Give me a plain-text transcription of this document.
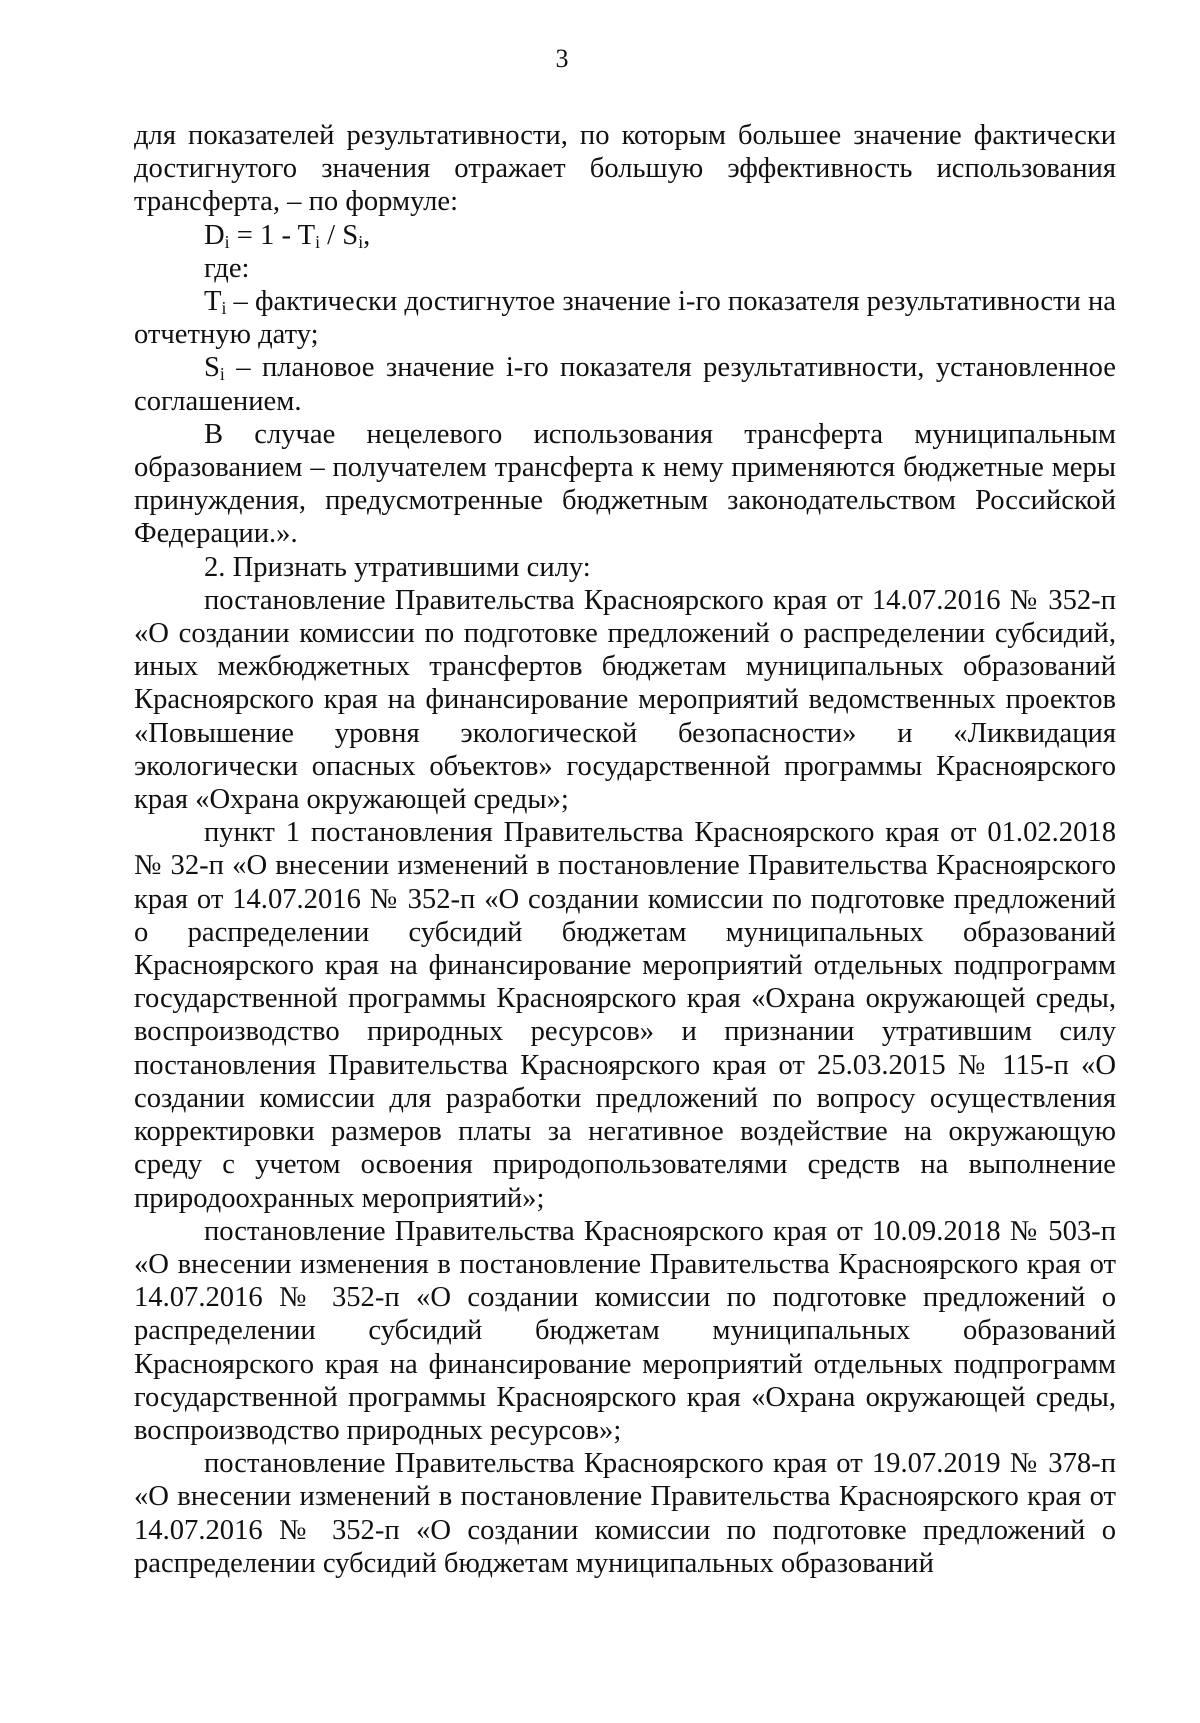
3

для показателей результативности, по которым большее значение фактически достигнутого значения отражает большую эффективность использования трансферта, – по формуле:

$D_i = 1 - T_i / S_i$,

где:

$T_i$ – фактически достигнутое значение i-го показателя результативности на отчетную дату;

$S_i$ – плановое значение i-го показателя результативности, установленное соглашением.

В случае нецелевого использования трансферта муниципальным образованием – получателем трансферта к нему применяются бюджетные меры принуждения, предусмотренные бюджетным законодательством Российской Федерации.».

2. Признать утратившими силу:

постановление Правительства Красноярского края от 14.07.2016 № 352-п «О создании комиссии по подготовке предложений о распределении субсидий, иных межбюджетных трансфертов бюджетам муниципальных образований Красноярского края на финансирование мероприятий ведомственных проектов «Повышение уровня экологической безопасности» и «Ликвидация экологически опасных объектов» государственной программы Красноярского края «Охрана окружающей среды»;

пункт 1 постановления Правительства Красноярского края от 01.02.2018 № 32-п «О внесении изменений в постановление Правительства Красноярского края от 14.07.2016 № 352-п «О создании комиссии по подготовке предложений о распределении субсидий бюджетам муниципальных образований Красноярского края на финансирование мероприятий отдельных подпрограмм государственной программы Красноярского края «Охрана окружающей среды, воспроизводство природных ресурсов» и признании утратившим силу постановления Правительства Красноярского края от 25.03.2015 № 115-п «О создании комиссии для разработки предложений по вопросу осуществления корректировки размеров платы за негативное воздействие на окружающую среду с учетом освоения природопользователями средств на выполнение природоохранных мероприятий»;

постановление Правительства Красноярского края от 10.09.2018 № 503-п «О внесении изменения в постановление Правительства Красноярского края от 14.07.2016 № 352-п «О создании комиссии по подготовке предложений о распределении субсидий бюджетам муниципальных образований Красноярского края на финансирование мероприятий отдельных подпрограмм государственной программы Красноярского края «Охрана окружающей среды, воспроизводство природных ресурсов»;

постановление Правительства Красноярского края от 19.07.2019 № 378-п «О внесении изменений в постановление Правительства Красноярского края от 14.07.2016 № 352-п «О создании комиссии по подготовке предложений о распределении субсидий бюджетам муниципальных образований
